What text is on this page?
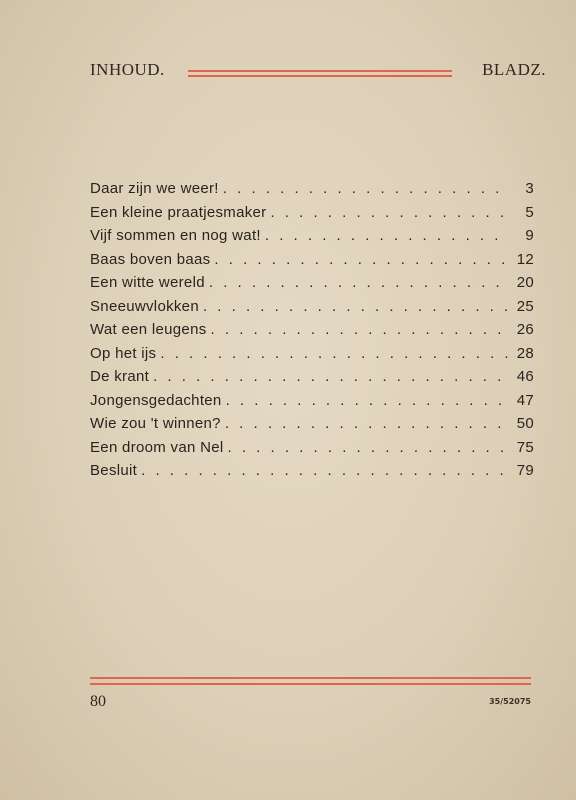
INHOUD.	BLADZ.
Daar zijn we weer! . . .	3
Een kleine praatjesmaker . . .	5
Vijf sommen en nog wat! . . .	9
Baas boven baas . . .	12
Een witte wereld . . .	20
Sneeuwvlokken . . .	25
Wat een leugens . . .	26
Op het ijs . . .	28
De krant . . .	46
Jongensgedachten . . .	47
Wie zou 't winnen? . . .	50
Een droom van Nel . . .	75
Besluit . . .	79
80	35/52075
